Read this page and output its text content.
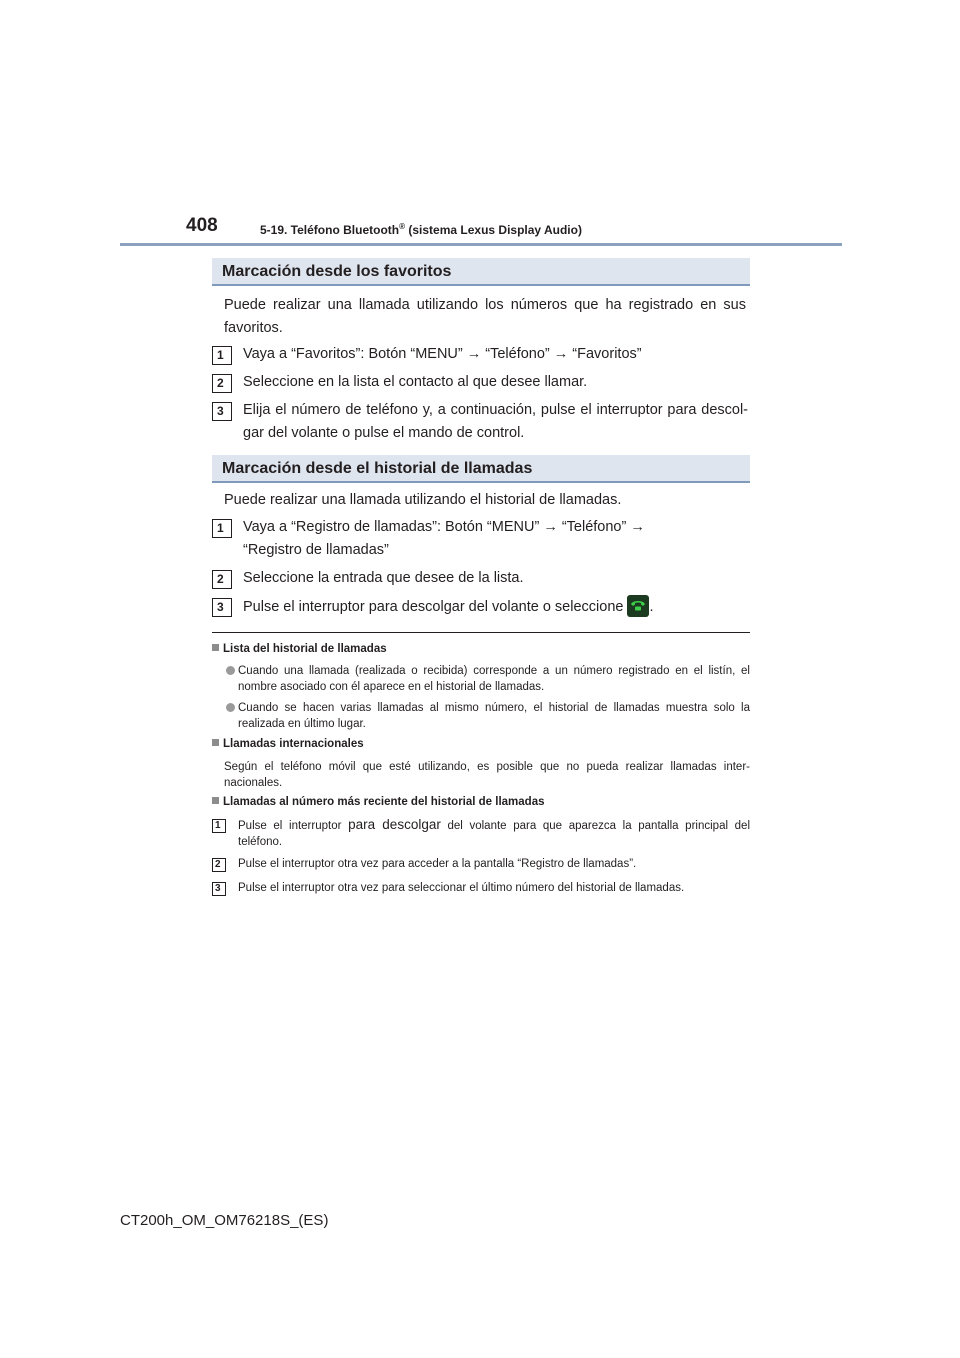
408	5-19. Teléfono Bluetooth® (sistema Lexus Display Audio)
Marcación desde los favoritos
Puede realizar una llamada utilizando los números que ha registrado en sus favoritos.
1	Vaya a “Favoritos”: Botón “MENU” → “Teléfono” → “Favoritos”
2	Seleccione en la lista el contacto al que desee llamar.
3	Elija el número de teléfono y, a continuación, pulse el interruptor para descol-gar del volante o pulse el mando de control.
Marcación desde el historial de llamadas
Puede realizar una llamada utilizando el historial de llamadas.
1	Vaya a “Registro de llamadas”: Botón “MENU” → “Teléfono” →
“Registro de llamadas”
2	Seleccione la entrada que desee de la lista.
3	Pulse el interruptor para descolgar del volante o seleccione .
Lista del historial de llamadas
Cuando una llamada (realizada o recibida) corresponde a un número registrado en el listín, el nombre asociado con él aparece en el historial de llamadas.
Cuando se hacen varias llamadas al mismo número, el historial de llamadas muestra solo la realizada en último lugar.
Llamadas internacionales
Según el teléfono móvil que esté utilizando, es posible que no pueda realizar llamadas inter-nacionales.
Llamadas al número más reciente del historial de llamadas
1	Pulse el interruptor para descolgar del volante para que aparezca la pantalla principal del teléfono.
2	Pulse el interruptor otra vez para acceder a la pantalla “Registro de llamadas”.
3	Pulse el interruptor otra vez para seleccionar el último número del historial de llamadas.
CT200h_OM_OM76218S_(ES)
